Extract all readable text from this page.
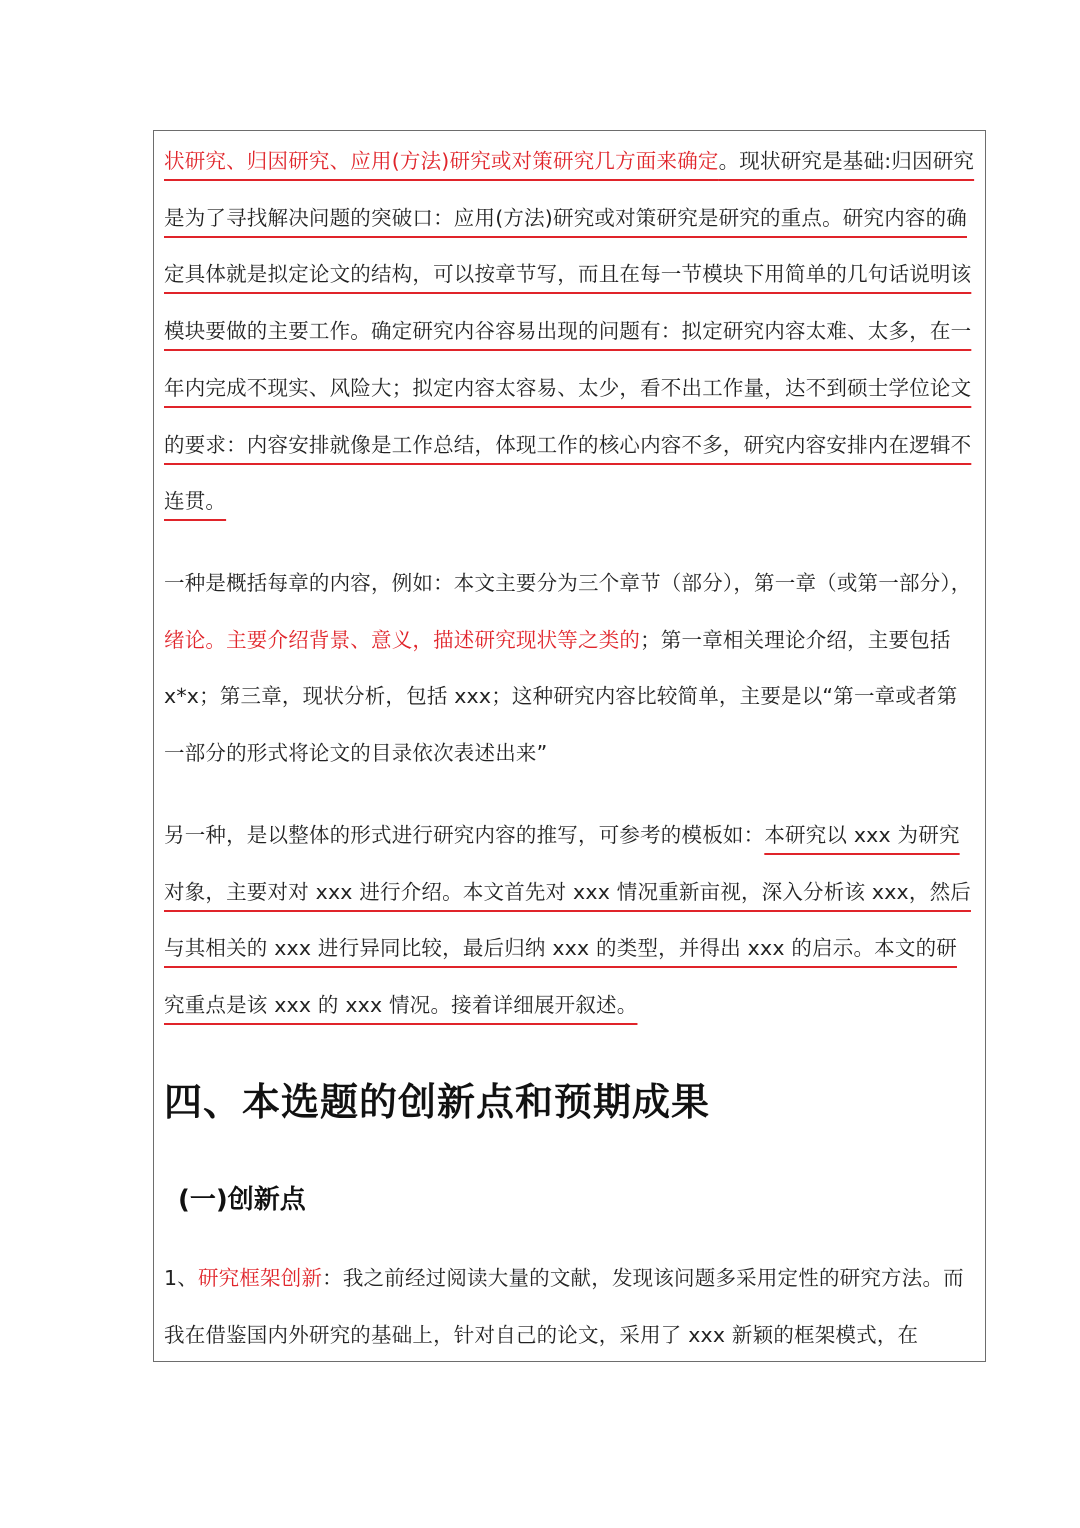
状研究、归因研究、应用(方法)研究或对策研究几方面来确定。现状研究是基础:归因研究是为了寻找解决问题的突破口：应用(方法)研究或对策研究是研究的重点。研究内容的确定具体就是拟定论文的结构，可以按章节写，而且在每一节模块下用简单的几句话说明该模块要做的主要工作。确定研究内谷容易出现的问题有：拟定研究内容太难、太多，在一年内完成不现实、风险大；拟定内容太容易、太少，看不出工作量，达不到硕士学位论文的要求：内容安排就像是工作总结，体现工作的核心内容不多，研究内容安排内在逻辑不连贯。

一种是概括每章的内容，例如：本文主要分为三个章节（部分），第一章（或第一部分），绪论。主要介绍背景、意义，描述研究现状等之类的；第一章相关理论介绍，主要包括 x*x；第三章，现状分析，包括 xxx；这种研究内容比较简单，主要是以“第一章或者第一部分的形式将论文的目录依次表述出来”

另一种，是以整体的形式进行研究内容的推写，可参考的模板如：本研究以 xxx 为研究对象，主要对对 xxx 进行介绍。本文首先对 xxx 情况重新亩视，深入分析该 xxx，然后与其相关的 xxx 进行异同比较，最后归纳 xxx 的类型，并得出 xxx 的启示。本文的研究重点是该 xxx 的 xxx 情况。接着详细展开叙述。

四、本选题的创新点和预期成果
(一)创新点

1、研究框架创新：我之前经过阅读大量的文献，发现该问题多采用定性的研究方法。而我在借鉴国内外研究的基础上，针对自己的论文，采用了 xxx 新颖的框架模式，在
